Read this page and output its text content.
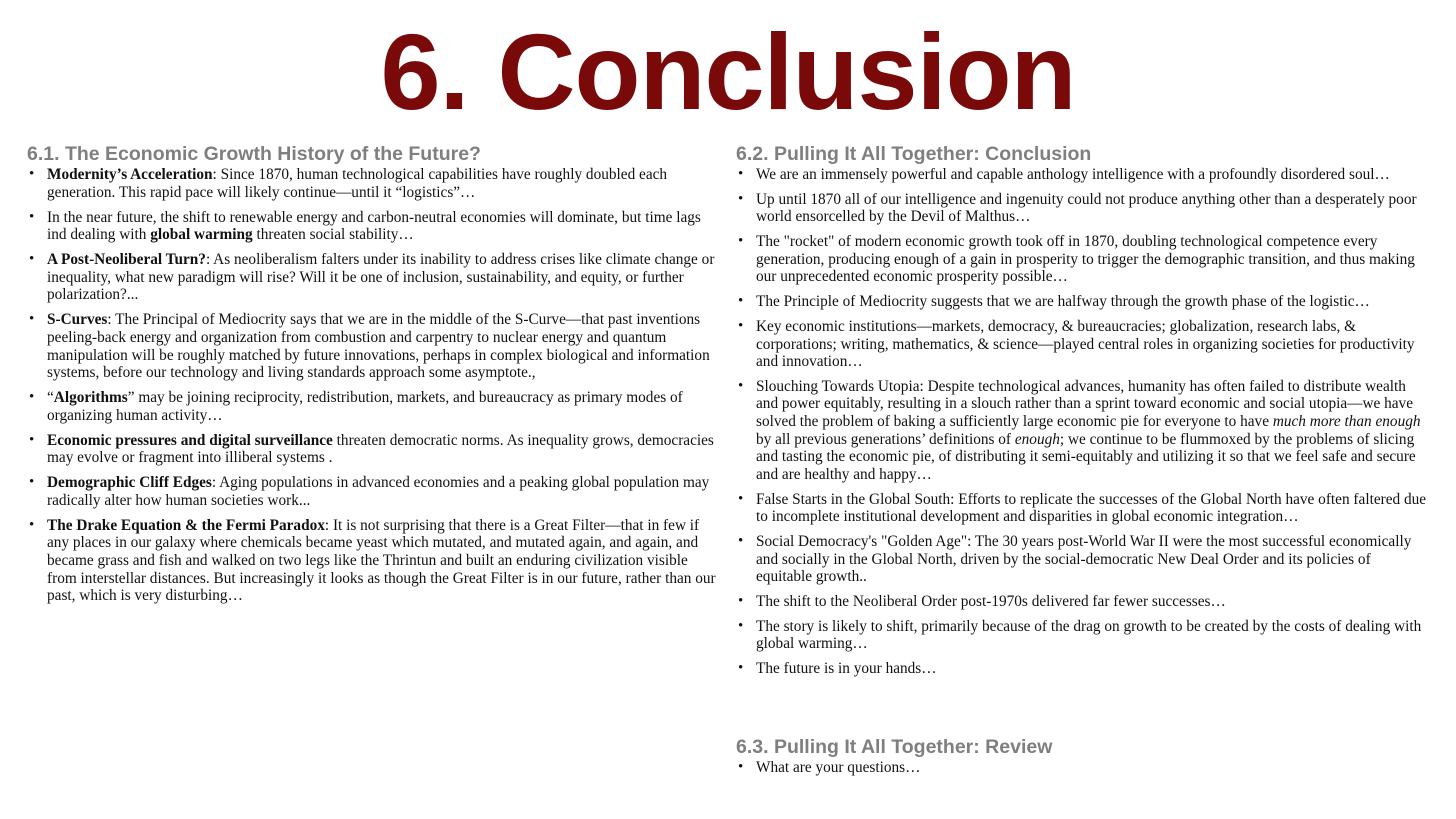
6. Conclusion
6.1. The Economic Growth History of the Future?
• Modernity’s Acceleration: Since 1870, human technological capabilities have roughly doubled each generation. This rapid pace will likely continue—until it “logistics”…
• In the near future, the shift to renewable energy and carbon-neutral economies will dominate, but time lags ind dealing with global warming threaten social stability…
• A Post-Neoliberal Turn?: As neoliberalism falters under its inability to address crises like climate change or inequality, what new paradigm will rise? Will it be one of inclusion, sustainability, and equity, or further polarization?...
• S-Curves: The Principal of Mediocrity says that we are in the middle of the S-Curve—that past inventions peeling-back energy and organization from combustion and carpentry to nuclear energy and quantum manipulation will be roughly matched by future innovations, perhaps in complex biological and information systems, before our technology and living standards approach some asymptote.,
• “Algorithms” may be joining reciprocity, redistribution, markets, and bureaucracy as primary modes of organizing human activity…
• Economic pressures and digital surveillance threaten democratic norms. As inequality grows, democracies may evolve or fragment into illiberal systems .
• Demographic Cliff Edges: Aging populations in advanced economies and a peaking global population may radically alter how human societies work...
• The Drake Equation & the Fermi Paradox: It is not surprising that there is a Great Filter—that in few if any places in our galaxy where chemicals became yeast which mutated, and mutated again, and again, and became grass and fish and walked on two legs like the Thrintun and built an enduring civilization visible from interstellar distances. But increasingly it looks as though the Great Filter is in our future, rather than our past, which is very disturbing…
6.2. Pulling It All Together: Conclusion
• We are an immensely powerful and capable anthology intelligence with a profoundly disordered soul…
• Up until 1870 all of our intelligence and ingenuity could not produce anything other than a desperately poor world ensorcelled by the Devil of Malthus…
• The "rocket" of modern economic growth took off in 1870, doubling technological competence every generation, producing enough of a gain in prosperity to trigger the demographic transition, and thus making our unprecedented economic prosperity possible…
• The Principle of Mediocrity suggests that we are halfway through the growth phase of the logistic…
• Key economic institutions—markets, democracy, & bureaucracies; globalization, research labs, & corporations; writing, mathematics, & science—played central roles in organizing societies for productivity and innovation…
• Slouching Towards Utopia: Despite technological advances, humanity has often failed to distribute wealth and power equitably, resulting in a slouch rather than a sprint toward economic and social utopia—we have solved the problem of baking a sufficiently large economic pie for everyone to have much more than enough by all previous generations’ definitions of enough; we continue to be flummoxed by the problems of slicing and tasting the economic pie, of distributing it semi-equitably and utilizing it so that we feel safe and secure and are healthy and happy…
• False Starts in the Global South: Efforts to replicate the successes of the Global North have often faltered due to incomplete institutional development and disparities in global economic integration…
• Social Democracy's "Golden Age": The 30 years post-World War II were the most successful economically and socially in the Global North, driven by the social-democratic New Deal Order and its policies of equitable growth..
• The shift to the Neoliberal Order post-1970s delivered far fewer successes…
• The story is likely to shift, primarily because of the drag on growth to be created by the costs of dealing with global warming…
• The future is in your hands…
6.3. Pulling It All Together: Review
• What are your questions…
